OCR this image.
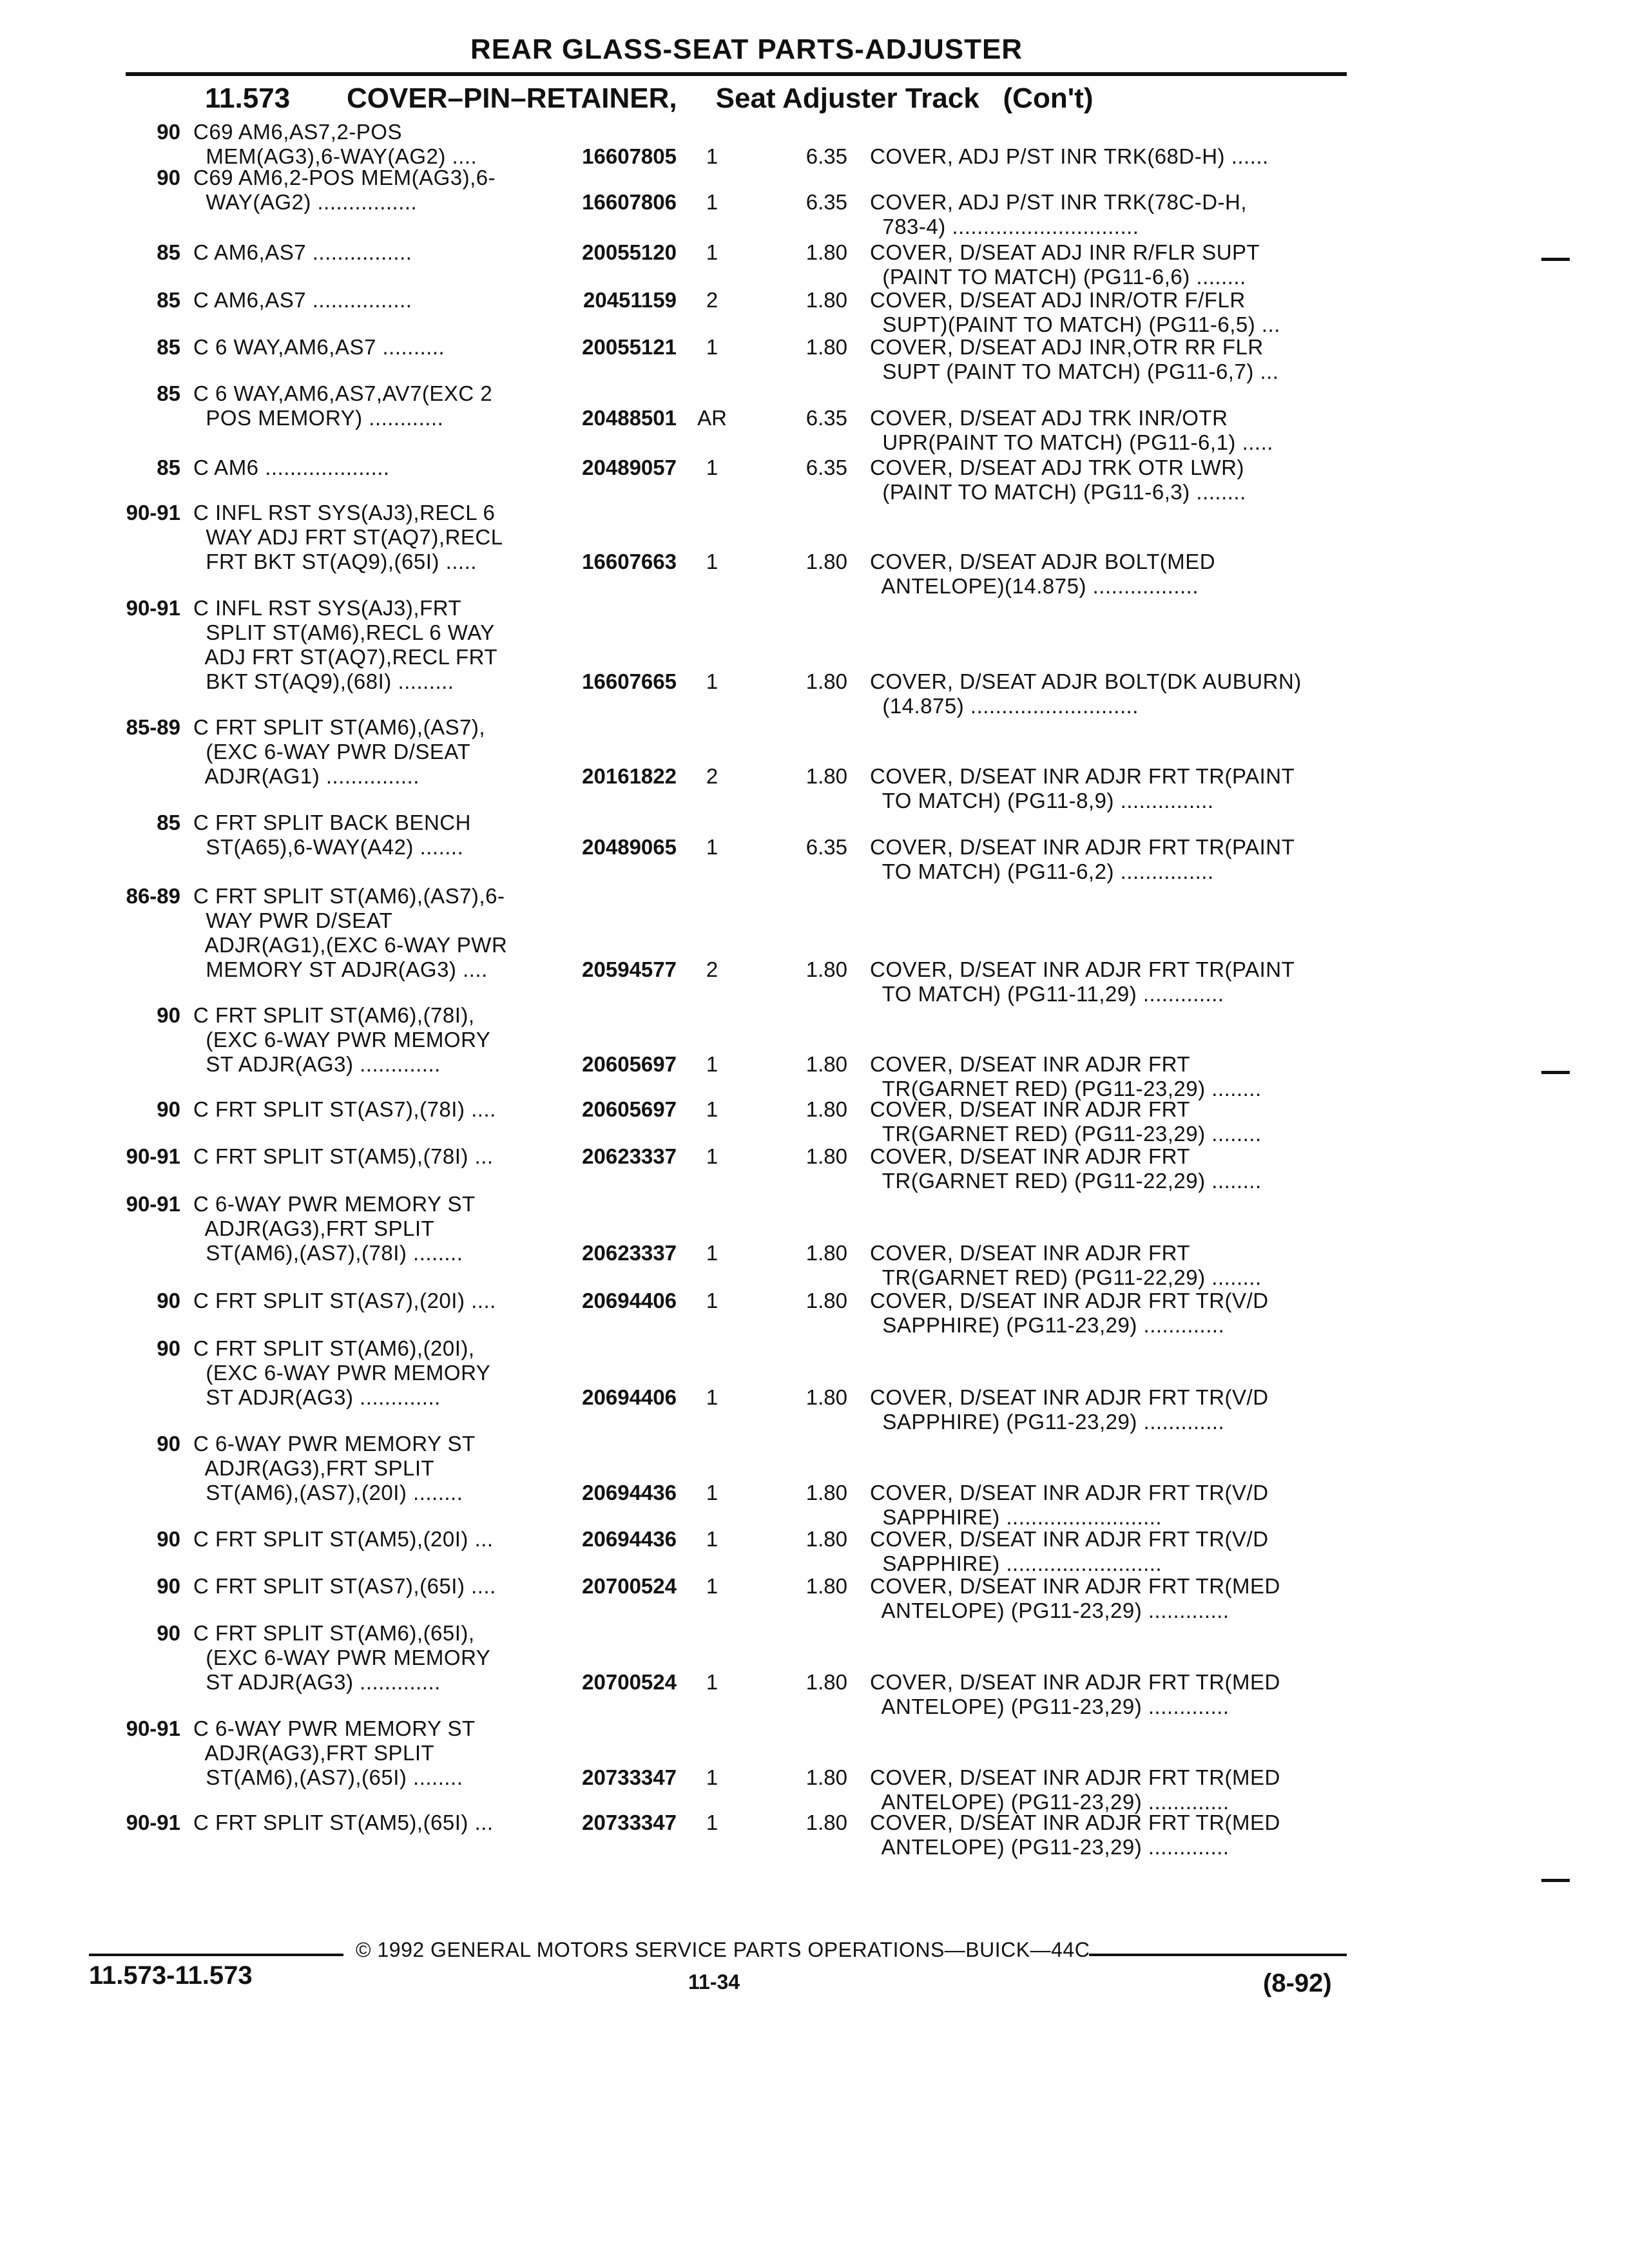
REAR GLASS-SEAT PARTS-ADJUSTER
11.573 COVER–PIN–RETAINER, Seat Adjuster Track (Con't)
90 C69 AM6,AS7,2-POS
MEM(AG3),6-WAY(AG2) ....	16607805	1	6.35 COVER, ADJ P/ST INR TRK(68D-H) ......
90 C69 AM6,2-POS MEM(AG3),6-
WAY(AG2) ................	16607806	1	6.35 COVER, ADJ P/ST INR TRK(78C-D-H,
783-4) ..............................
85 C AM6,AS7 ................	20055120	1	1.80 COVER, D/SEAT ADJ INR R/FLR SUPT
(PAINT TO MATCH) (PG11-6,6) ........
85 C AM6,AS7 ................	20451159	2	1.80 COVER, D/SEAT ADJ INR/OTR F/FLR
SUPT)(PAINT TO MATCH) (PG11-6,5) ...
85 C 6 WAY,AM6,AS7 ..........	20055121	1	1.80 COVER, D/SEAT ADJ INR,OTR RR FLR
SUPT (PAINT TO MATCH) (PG11-6,7) ...
85 C 6 WAY,AM6,AS7,AV7(EXC 2
POS MEMORY) ............	20488501 AR	6.35 COVER, D/SEAT ADJ TRK INR/OTR
UPR(PAINT TO MATCH) (PG11-6,1) .....
85 C AM6 ....................	20489057	1	6.35 COVER, D/SEAT ADJ TRK OTR LWR)
(PAINT TO MATCH) (PG11-6,3) ........
90-91 C INFL RST SYS(AJ3),RECL 6
WAY ADJ FRT ST(AQ7),RECL
FRT BKT ST(AQ9),(65I) .....	16607663	1	1.80 COVER, D/SEAT ADJR BOLT(MED
ANTELOPE)(14.875) .................
90-91 C INFL RST SYS(AJ3),FRT
SPLIT ST(AM6),RECL 6 WAY
ADJ FRT ST(AQ7),RECL FRT
BKT ST(AQ9),(68I) .........	16607665	1	1.80 COVER, D/SEAT ADJR BOLT(DK AUBURN)
(14.875) ...........................
85-89 C FRT SPLIT ST(AM6),(AS7),
(EXC 6-WAY PWR D/SEAT
ADJR(AG1) ...............	20161822	2	1.80 COVER, D/SEAT INR ADJR FRT TR(PAINT
TO MATCH) (PG11-8,9) ...............
85 C FRT SPLIT BACK BENCH
ST(A65),6-WAY(A42) .......	20489065	1	6.35 COVER, D/SEAT INR ADJR FRT TR(PAINT
TO MATCH) (PG11-6,2) ...............
86-89 C FRT SPLIT ST(AM6),(AS7),6-
WAY PWR D/SEAT
ADJR(AG1),(EXC 6-WAY PWR
MEMORY ST ADJR(AG3) ....	20594577	2	1.80 COVER, D/SEAT INR ADJR FRT TR(PAINT
TO MATCH) (PG11-11,29) .............
90 C FRT SPLIT ST(AM6),(78I),
(EXC 6-WAY PWR MEMORY
ST ADJR(AG3) .............	20605697	1	1.80 COVER, D/SEAT INR ADJR FRT
TR(GARNET RED) (PG11-23,29) ........
90 C FRT SPLIT ST(AS7),(78I) ....	20605697	1	1.80 COVER, D/SEAT INR ADJR FRT
TR(GARNET RED) (PG11-23,29) ........
90-91 C FRT SPLIT ST(AM5),(78I) ...	20623337	1	1.80 COVER, D/SEAT INR ADJR FRT
TR(GARNET RED) (PG11-22,29) ........
90-91 C 6-WAY PWR MEMORY ST
ADJR(AG3),FRT SPLIT
ST(AM6),(AS7),(78I) ........	20623337	1	1.80 COVER, D/SEAT INR ADJR FRT
TR(GARNET RED) (PG11-22,29) ........
90 C FRT SPLIT ST(AS7),(20I) ....	20694406	1	1.80 COVER, D/SEAT INR ADJR FRT TR(V/D
SAPPHIRE) (PG11-23,29) .............
90 C FRT SPLIT ST(AM6),(20I),
(EXC 6-WAY PWR MEMORY
ST ADJR(AG3) .............	20694406	1	1.80 COVER, D/SEAT INR ADJR FRT TR(V/D
SAPPHIRE) (PG11-23,29) .............
90 C 6-WAY PWR MEMORY ST
ADJR(AG3),FRT SPLIT
ST(AM6),(AS7),(20I) ........	20694436	1	1.80 COVER, D/SEAT INR ADJR FRT TR(V/D
SAPPHIRE) .........................
90 C FRT SPLIT ST(AM5),(20I) ...	20694436	1	1.80 COVER, D/SEAT INR ADJR FRT TR(V/D
SAPPHIRE) .........................
90 C FRT SPLIT ST(AS7),(65I) ....	20700524	1	1.80 COVER, D/SEAT INR ADJR FRT TR(MED
ANTELOPE) (PG11-23,29) .............
90 C FRT SPLIT ST(AM6),(65I),
(EXC 6-WAY PWR MEMORY
ST ADJR(AG3) .............	20700524	1	1.80 COVER, D/SEAT INR ADJR FRT TR(MED
ANTELOPE) (PG11-23,29) .............
90-91 C 6-WAY PWR MEMORY ST
ADJR(AG3),FRT SPLIT
ST(AM6),(AS7),(65I) ........	20733347	1	1.80 COVER, D/SEAT INR ADJR FRT TR(MED
ANTELOPE) (PG11-23,29) .............
90-91 C FRT SPLIT ST(AM5),(65I) ...	20733347	1	1.80 COVER, D/SEAT INR ADJR FRT TR(MED
ANTELOPE) (PG11-23,29) .............
© 1992 GENERAL MOTORS SERVICE PARTS OPERATIONS—BUICK—44C
11.573-11.573	11-34	(8-92)
